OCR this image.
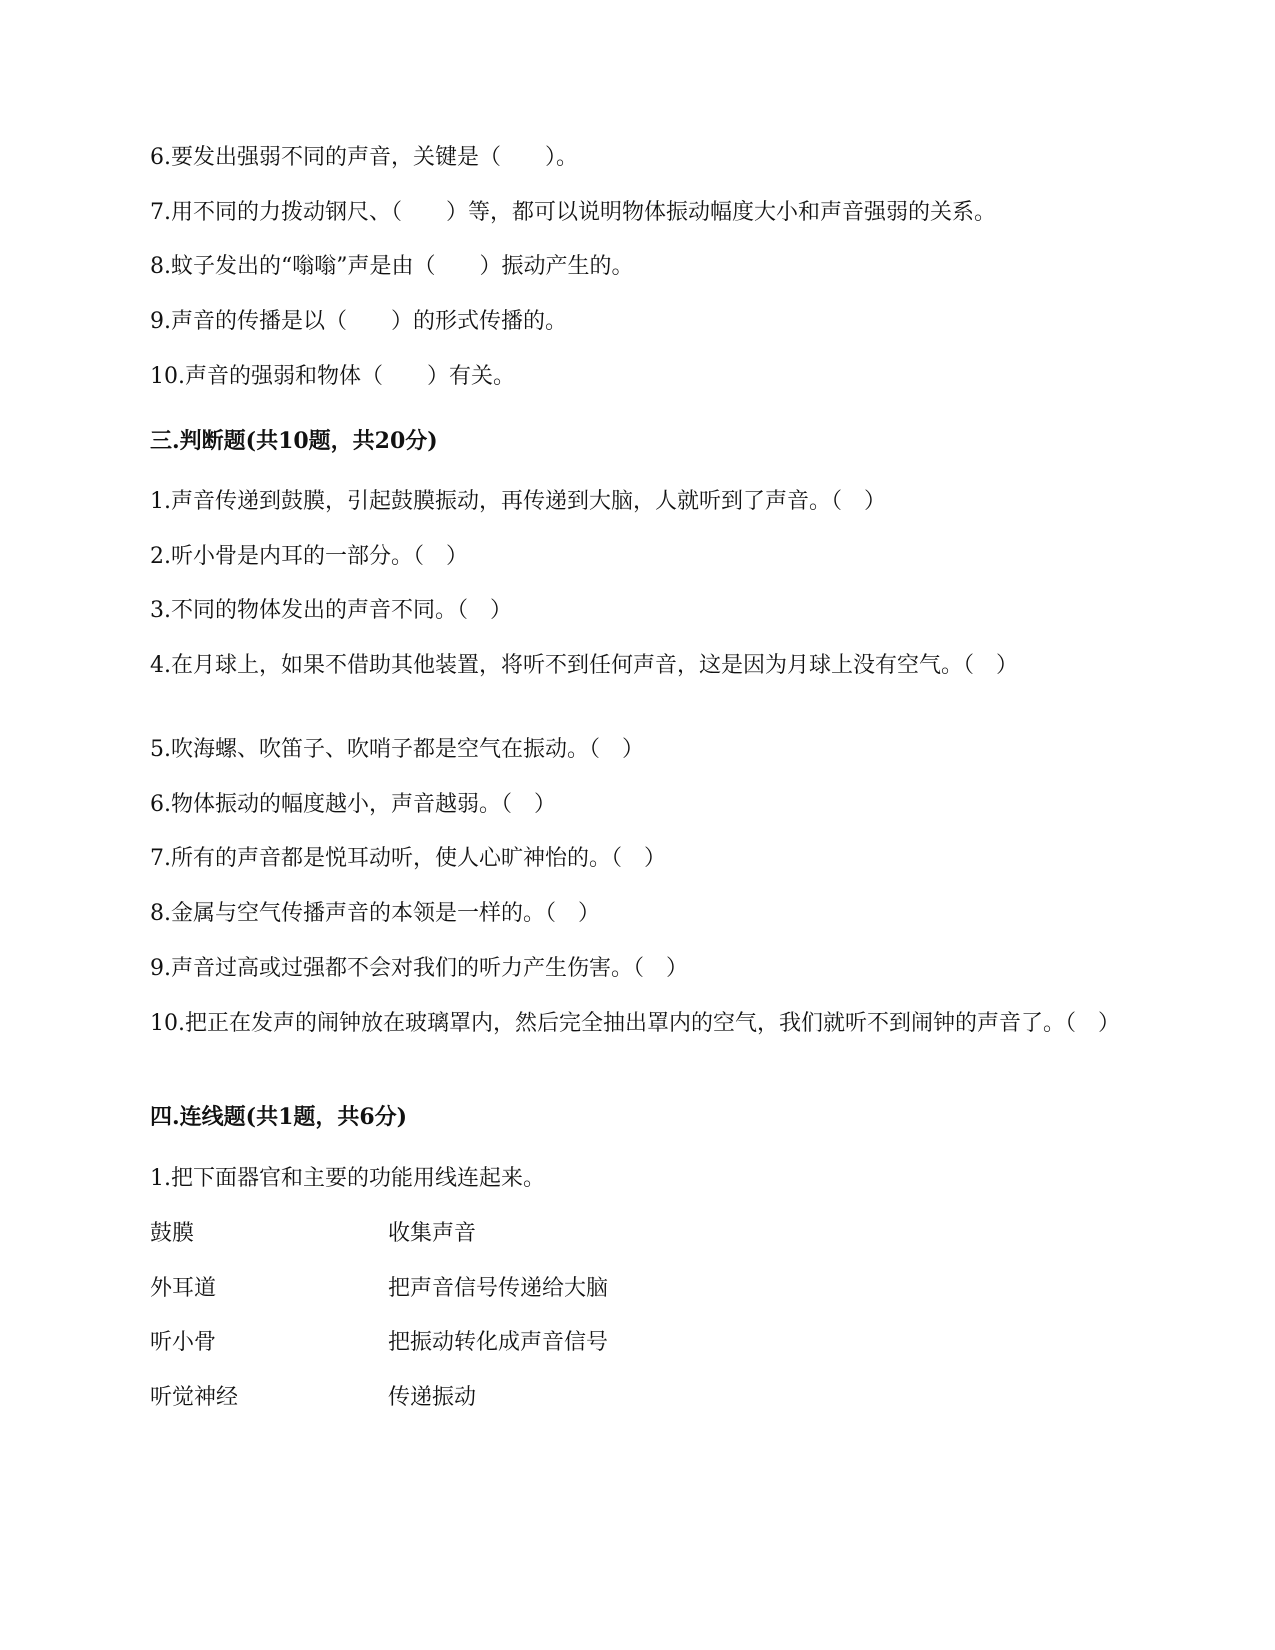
6.要发出强弱不同的声音，关键是（　　）。

7.用不同的力拨动钢尺、（　　）等，都可以说明物体振动幅度大小和声音强弱的关系。

8.蚊子发出的“嗡嗡”声是由（　　）振动产生的。

9.声音的传播是以（　　）的形式传播的。

10.声音的强弱和物体（　　）有关。

三.判断题(共10题，共20分)

1.声音传递到鼓膜，引起鼓膜振动，再传递到大脑，人就听到了声音。（　）

2.听小骨是内耳的一部分。（　）

3.不同的物体发出的声音不同。（　）

4.在月球上，如果不借助其他装置，将听不到任何声音，这是因为月球上没有空气。（　）

5.吹海螺、吹笛子、吹哨子都是空气在振动。（　）

6.物体振动的幅度越小，声音越弱。（　）

7.所有的声音都是悦耳动听，使人心旷神怡的。（　）

8.金属与空气传播声音的本领是一样的。（　）

9.声音过高或过强都不会对我们的听力产生伤害。（　）

10.把正在发声的闹钟放在玻璃罩内，然后完全抽出罩内的空气，我们就听不到闹钟的声音了。（　）

四.连线题(共1题，共6分)

1.把下面器官和主要的功能用线连起来。

鼓膜	收集声音

外耳道	把声音信号传递给大脑

听小骨	把振动转化成声音信号

听觉神经	传递振动
